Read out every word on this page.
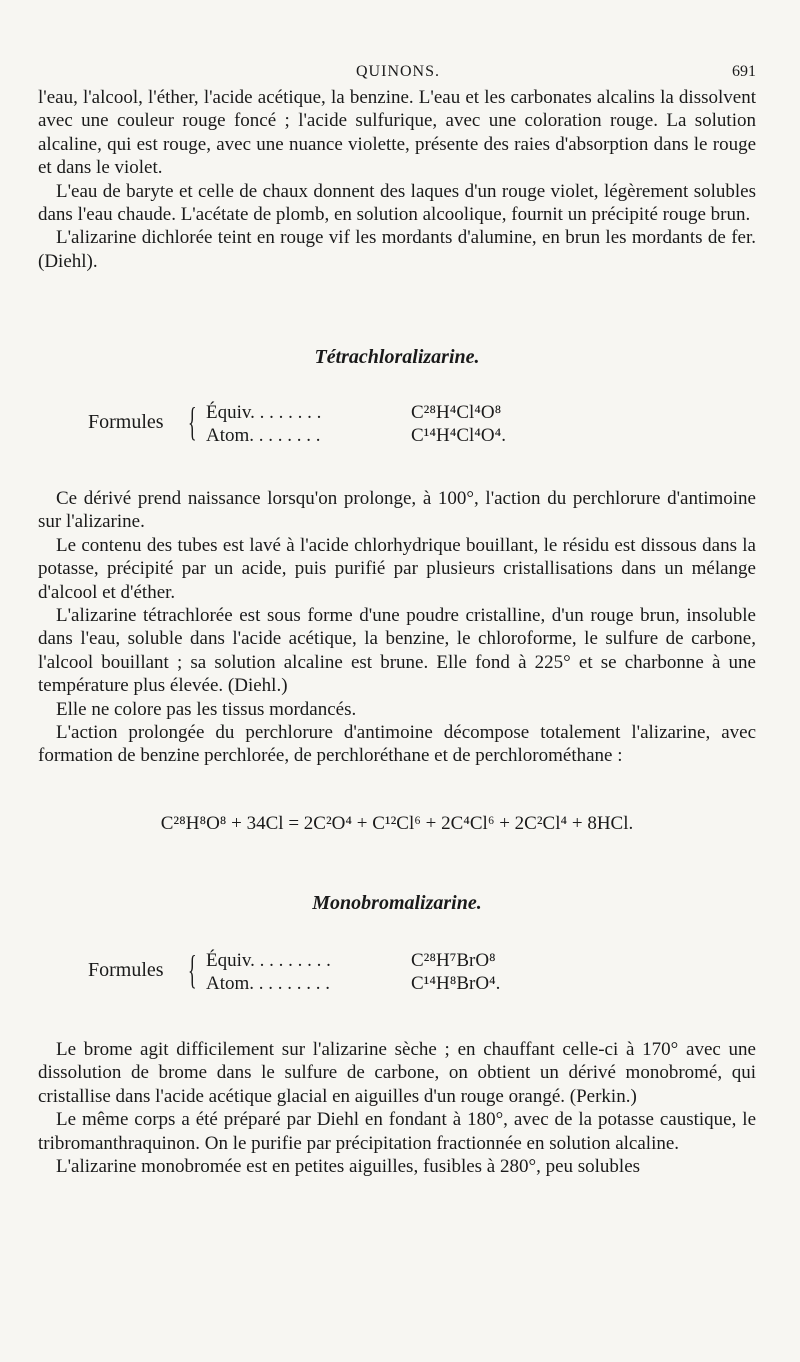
QUINONS.	691

l'eau, l'alcool, l'éther, l'acide acétique, la benzine. L'eau et les carbonates alcalins la dissolvent avec une couleur rouge foncé ; l'acide sulfurique, avec une coloration rouge. La solution alcaline, qui est rouge, avec une nuance violette, présente des raies d'absorption dans le rouge et dans le violet.

L'eau de baryte et celle de chaux donnent des laques d'un rouge violet, légèrement solubles dans l'eau chaude. L'acétate de plomb, en solution alcoolique, fournit un précipité rouge brun.

L'alizarine dichlorée teint en rouge vif les mordants d'alumine, en brun les mordants de fer. (Diehl).

Tétrachloralizarine.
Formules { Équiv. . . . . . . .	C²⁸H⁴Cl⁴O⁸
Atom. . . . . . . .	C¹⁴H⁴Cl⁴O⁴.

Ce dérivé prend naissance lorsqu'on prolonge, à 100°, l'action du perchlorure d'antimoine sur l'alizarine.

Le contenu des tubes est lavé à l'acide chlorhydrique bouillant, le résidu est dissous dans la potasse, précipité par un acide, puis purifié par plusieurs cristallisations dans un mélange d'alcool et d'éther.

L'alizarine tétrachlorée est sous forme d'une poudre cristalline, d'un rouge brun, insoluble dans l'eau, soluble dans l'acide acétique, la benzine, le chloroforme, le sulfure de carbone, l'alcool bouillant ; sa solution alcaline est brune. Elle fond à 225° et se charbonne à une température plus élevée. (Diehl.)

Elle ne colore pas les tissus mordancés.

L'action prolongée du perchlorure d'antimoine décompose totalement l'alizarine, avec formation de benzine perchlorée, de perchloréthane et de perchlorométhane :

C²⁸H⁸O⁸ + 34Cl = 2C²O⁴ + C¹²Cl⁶ + 2C⁴Cl⁶ + 2C²Cl⁴ + 8HCl.
Monobromalizarine.
Formules { Équiv. . . . . . . . .	C²⁸H⁷BrO⁸
Atom. . . . . . . . .	C¹⁴H⁸BrO⁴.

Le brome agit difficilement sur l'alizarine sèche ; en chauffant celle-ci à 170° avec une dissolution de brome dans le sulfure de carbone, on obtient un dérivé monobromé, qui cristallise dans l'acide acétique glacial en aiguilles d'un rouge orangé. (Perkin.)

Le même corps a été préparé par Diehl en fondant à 180°, avec de la potasse caustique, le tribromanthraquinon. On le purifie par précipitation fractionnée en solution alcaline.

L'alizarine monobromée est en petites aiguilles, fusibles à 280°, peu solubles
